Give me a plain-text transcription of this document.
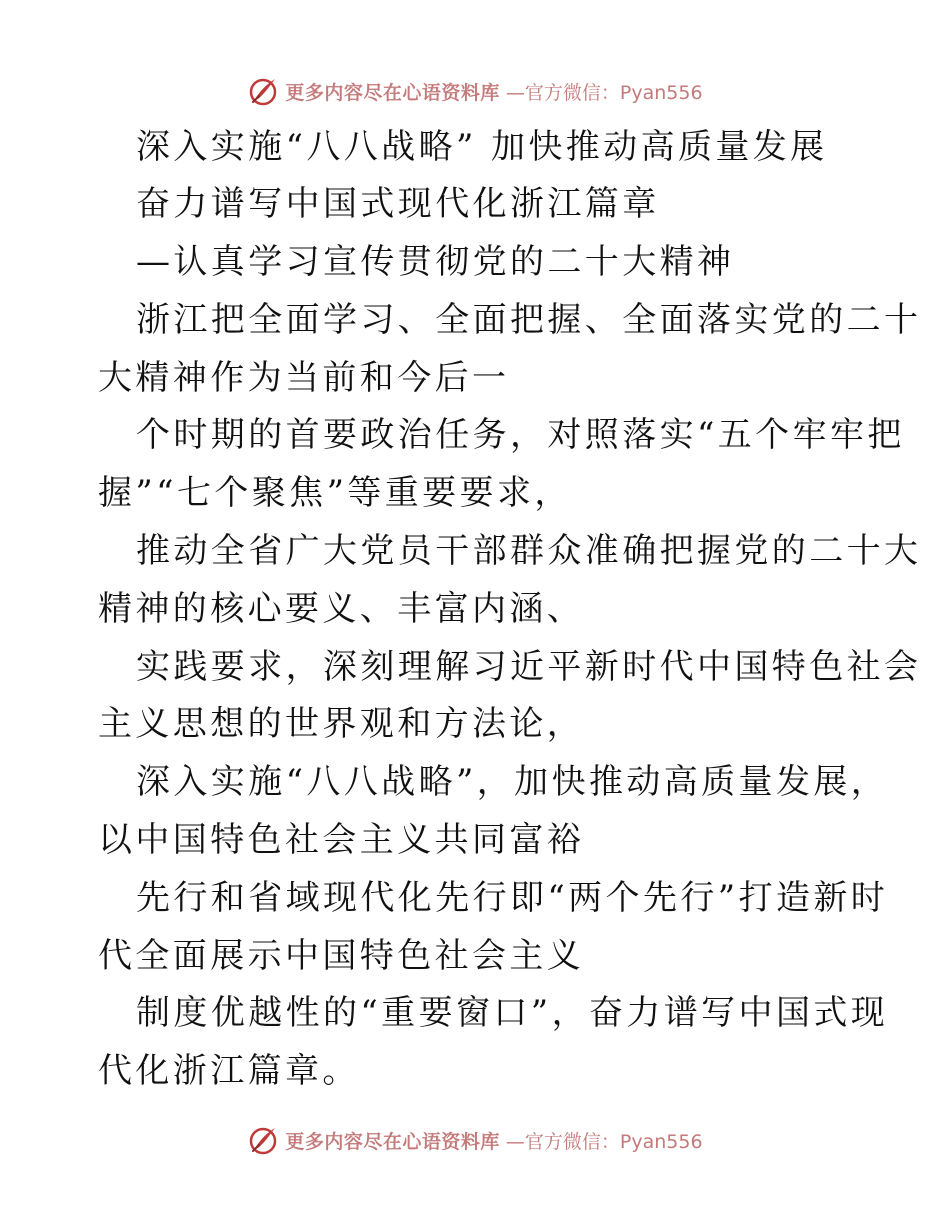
更多内容尽在心语资料库 —官方微信：Pyan556
深入实施“八八战略” 加快推动高质量发展
奋力谱写中国式现代化浙江篇章
—认真学习宣传贯彻党的二十大精神
浙江把全面学习、全面把握、全面落实党的二十
大精神作为当前和今后一
个时期的首要政治任务，对照落实“五个牢牢把
握”“七个聚焦”等重要要求，
推动全省广大党员干部群众准确把握党的二十大
精神的核心要义、丰富内涵、
实践要求，深刻理解习近平新时代中国特色社会
主义思想的世界观和方法论，
深入实施“八八战略”，加快推动高质量发展，
以中国特色社会主义共同富裕
先行和省域现代化先行即“两个先行”打造新时
代全面展示中国特色社会主义
制度优越性的“重要窗口”，奋力谱写中国式现
代化浙江篇章。
更多内容尽在心语资料库 —官方微信：Pyan556
